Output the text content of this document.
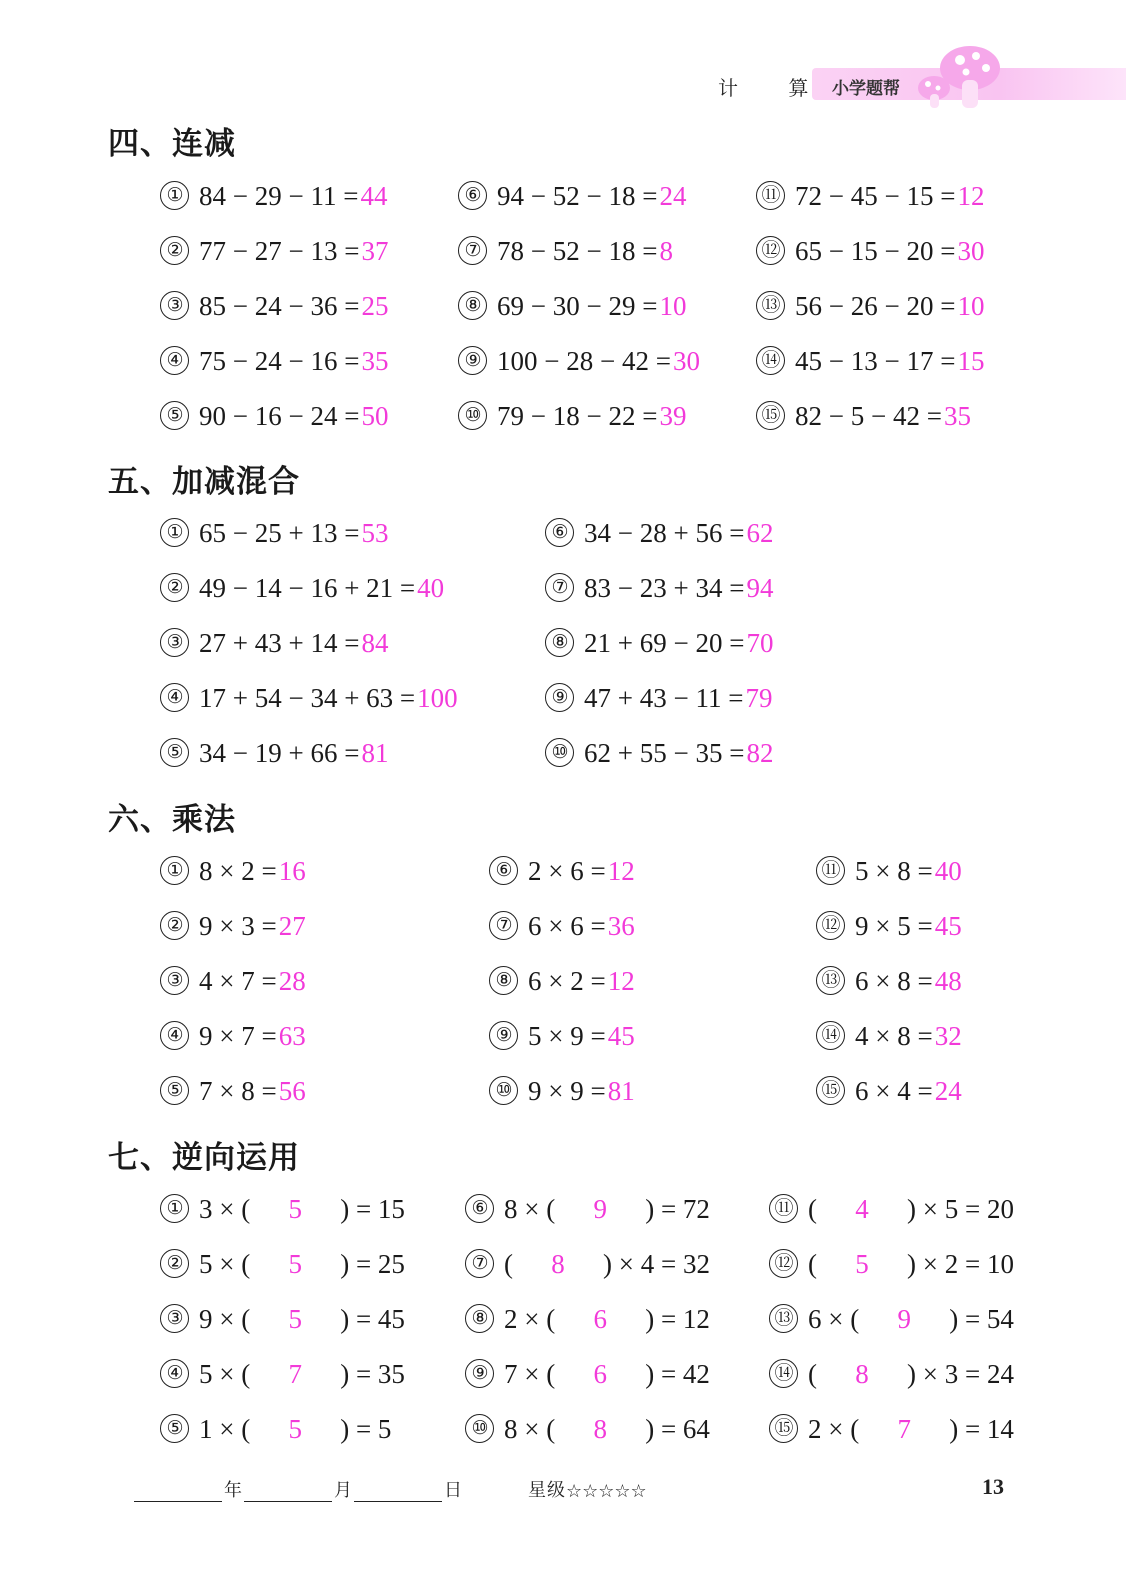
计 算 小学题帮
四、连减
① 84 − 29 − 11 = 44
② 77 − 27 − 13 = 37
③ 85 − 24 − 36 = 25
④ 75 − 24 − 16 = 35
⑤ 90 − 16 − 24 = 50
⑥ 94 − 52 − 18 = 24
⑦ 78 − 52 − 18 = 8
⑧ 69 − 30 − 29 = 10
⑨ 100 − 28 − 42 = 30
⑩ 79 − 18 − 22 = 39
⑪ 72 − 45 − 15 = 12
⑫ 65 − 15 − 20 = 30
⑬ 56 − 26 − 20 = 10
⑭ 45 − 13 − 17 = 15
⑮ 82 − 5 − 42 = 35
五、加减混合
① 65 − 25 + 13 = 53
② 49 − 14 − 16 + 21 = 40
③ 27 + 43 + 14 = 84
④ 17 + 54 − 34 + 63 = 100
⑤ 34 − 19 + 66 = 81
⑥ 34 − 28 + 56 = 62
⑦ 83 − 23 + 34 = 94
⑧ 21 + 69 − 20 = 70
⑨ 47 + 43 − 11 = 79
⑩ 62 + 55 − 35 = 82
六、乘法
① 8 × 2 = 16
② 9 × 3 = 27
③ 4 × 7 = 28
④ 9 × 7 = 63
⑤ 7 × 8 = 56
⑥ 2 × 6 = 12
⑦ 6 × 6 = 36
⑧ 6 × 2 = 12
⑨ 5 × 9 = 45
⑩ 9 × 9 = 81
⑪ 5 × 8 = 40
⑫ 9 × 5 = 45
⑬ 6 × 8 = 48
⑭ 4 × 8 = 32
⑮ 6 × 4 = 24
七、逆向运用
① 3 × (	5	) = 15
② 5 × (	5	) = 25
③ 9 × (	5	) = 45
④ 5 × (	7	) = 35
⑤ 1 × (	5	) = 5
⑥ 8 × (	9	) = 72
⑦ (	8	) × 4 = 32
⑧ 2 × (	6	) = 12
⑨ 7 × (	6	) = 42
⑩ 8 × (	8	) = 64
⑪ (	4	) × 5 = 20
⑫ (	5	) × 2 = 10
⑬ 6 × (	9	) = 54
⑭ (	8	) × 3 = 24
⑮ 2 × (	7	) = 14
年	月	日	星级 ☆☆☆☆☆	13
